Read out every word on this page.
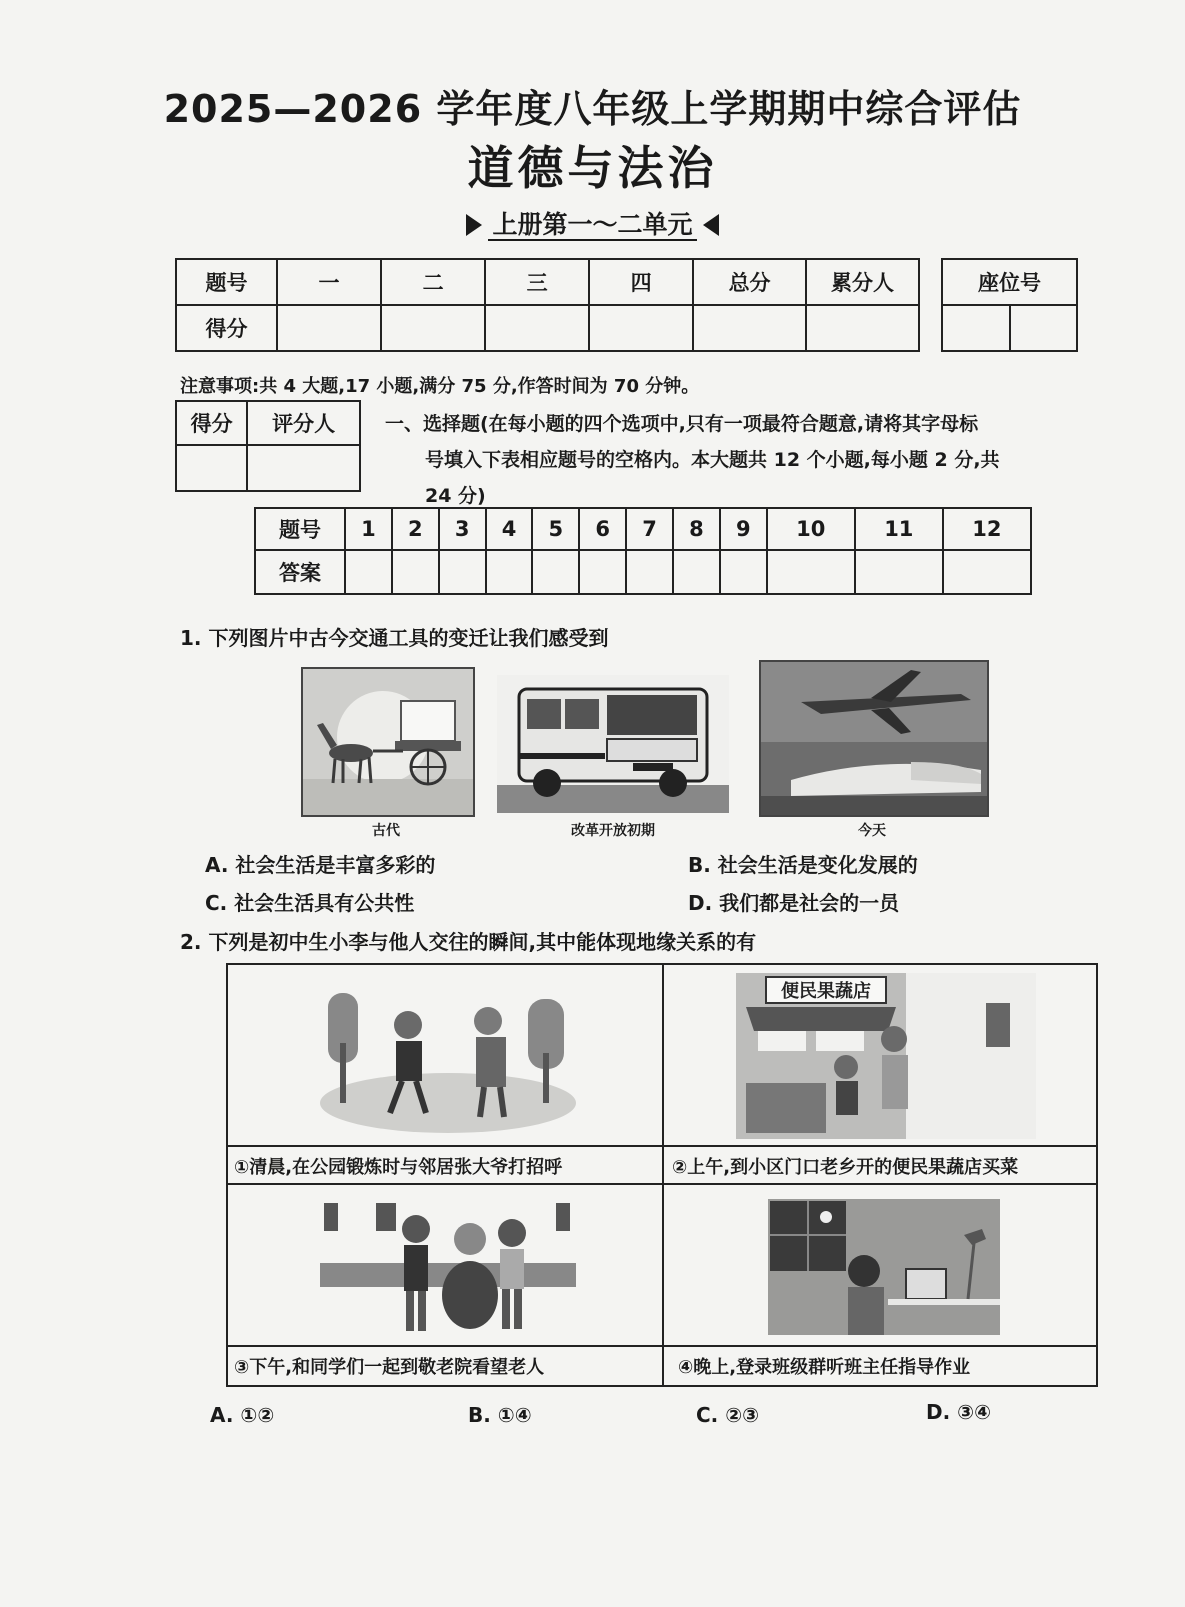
2025—2026 学年度八年级上学期期中综合评估
道德与法治
上册第一～二单元
题号	一	二	三	四	总分	累分人
得分						
座位号

注意事项:共 4 大题,17 小题,满分 75 分,作答时间为 70 分钟。
得分	评分人
		一、选择题(在每小题的四个选项中,只有一项最符合题意,请将其字母标
号填入下表相应题号的空格内。本大题共 12 个小题,每小题 2 分,共
24 分)
题号	1	2	3	4	5	6	7	8	9	10	11	12
答案												
1. 下列图片中古今交通工具的变迁让我们感受到
古代	改革开放初期	今天
A. 社会生活是丰富多彩的	B. 社会生活是变化发展的
C. 社会生活具有公共性	D. 我们都是社会的一员
2. 下列是初中生小李与他人交往的瞬间,其中能体现地缘关系的有
①清晨,在公园锻炼时与邻居张大爷打招呼
便民果蔬店
②上午,到小区门口老乡开的便民果蔬店买菜
③下午,和同学们一起到敬老院看望老人	④晚上,登录班级群听班主任指导作业
A. ①②	B. ①④	C. ②③	D. ③④
